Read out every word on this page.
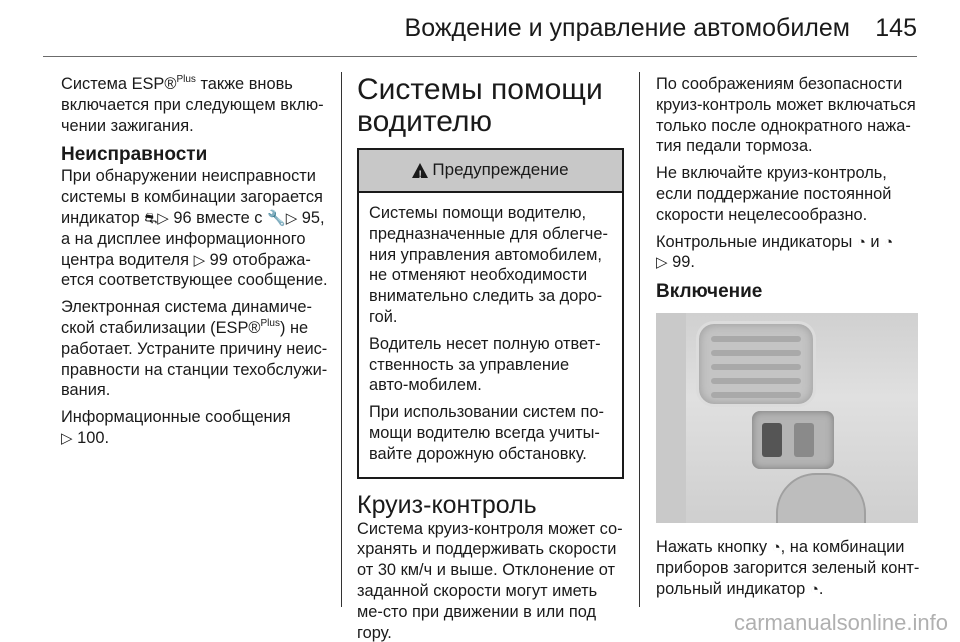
Вождение и управление автомобилем 145

Система ESP®$^{Plus}$ также вновь включается при следующем вклю-чении зажигания.

Неисправности

При обнаружении неисправности системы в комбинации загорается индикатор ⛐▷ 96 вместе с 🔧▷ 95, а на дисплее информационного центра водителя ▷ 99 отобража-ется соответствующее сообщение.

Электронная система динамиче-ской стабилизации (ESP®$^{Plus}$) не работает. Устраните причину неис-правности на станции техобслужи-вания.

Информационные сообщения
▷ 100.

Системы помощи водителю
!
Предупреждение

Системы помощи водителю, предназначенные для облегче-ния управления автомобилем, не отменяют необходимости внимательно следить за доро-гой.

Водитель несет полную ответ-ственность за управление авто-мобилем.

При использовании систем по-мощи водителю всегда учиты-вайте дорожную обстановку.

Круиз-контроль

Система круиз-контроля может со-хранять и поддерживать скорости от 30 км/ч и выше. Отклонение от заданной скорости могут иметь ме-сто при движении в или под гору.

По соображениям безопасности круиз-контроль может включаться только после однократного нажа-тия педали тормоза.

Не включайте круиз-контроль, если поддержание постоянной скорости нецелесообразно.

Контрольные индикаторы ◔ и ◔
▷ 99.

Включение

Нажать кнопку ◔, на комбинации приборов загорится зеленый конт-рольный индикатор ◔.

carmanualsonline.info
